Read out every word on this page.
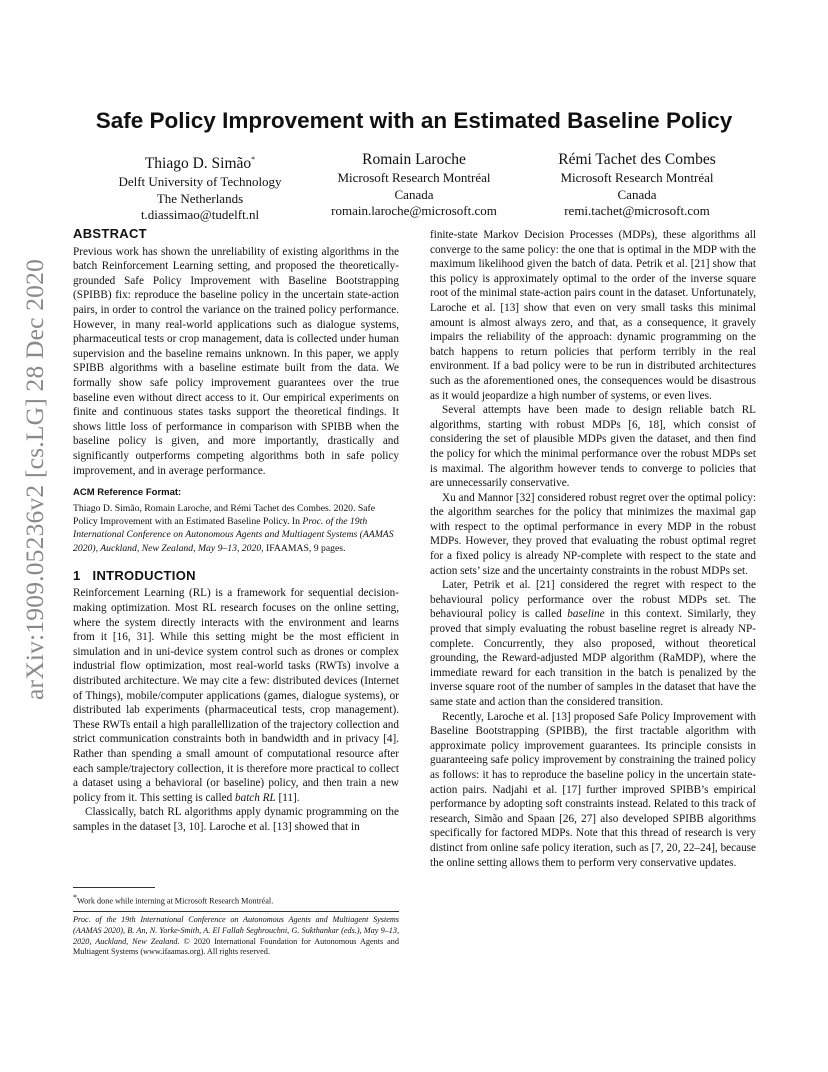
arXiv:1909.05236v2 [cs.LG] 28 Dec 2020
Safe Policy Improvement with an Estimated Baseline Policy
Thiago D. Simão*
Delft University of Technology
The Netherlands
t.diassimao@tudelft.nl
Romain Laroche
Microsoft Research Montréal
Canada
romain.laroche@microsoft.com
Rémi Tachet des Combes
Microsoft Research Montréal
Canada
remi.tachet@microsoft.com
ABSTRACT

Previous work has shown the unreliability of existing algorithms in the batch Reinforcement Learning setting, and proposed the theoretically-grounded Safe Policy Improvement with Baseline Bootstrapping (SPIBB) fix: reproduce the baseline policy in the uncertain state-action pairs, in order to control the variance on the trained policy performance. However, in many real-world applications such as dialogue systems, pharmaceutical tests or crop management, data is collected under human supervision and the baseline remains unknown. In this paper, we apply SPIBB algorithms with a baseline estimate built from the data. We formally show safe policy improvement guarantees over the true baseline even without direct access to it. Our empirical experiments on finite and continuous states tasks support the theoretical findings. It shows little loss of performance in comparison with SPIBB when the baseline policy is given, and more importantly, drastically and significantly outperforms competing algorithms both in safe policy improvement, and in average performance.

ACM Reference Format:

Thiago D. Simão, Romain Laroche, and Rémi Tachet des Combes. 2020. Safe Policy Improvement with an Estimated Baseline Policy. In Proc. of the 19th International Conference on Autonomous Agents and Multiagent Systems (AAMAS 2020), Auckland, New Zealand, May 9–13, 2020, IFAAMAS, 9 pages.

1 INTRODUCTION

Reinforcement Learning (RL) is a framework for sequential decision-making optimization. Most RL research focuses on the online setting, where the system directly interacts with the environment and learns from it [16, 31]. While this setting might be the most efficient in simulation and in uni-device system control such as drones or complex industrial flow optimization, most real-world tasks (RWTs) involve a distributed architecture. We may cite a few: distributed devices (Internet of Things), mobile/computer applications (games, dialogue systems), or distributed lab experiments (pharmaceutical tests, crop management). These RWTs entail a high parallellization of the trajectory collection and strict communication constraints both in bandwidth and in privacy [4]. Rather than spending a small amount of computational resource after each sample/trajectory collection, it is therefore more practical to collect a dataset using a behavioral (or baseline) policy, and then train a new policy from it. This setting is called batch RL [11].

Classically, batch RL algorithms apply dynamic programming on the samples in the dataset [3, 10]. Laroche et al. [13] showed that in

*Work done while interning at Microsoft Research Montréal.
Proc. of the 19th International Conference on Autonomous Agents and Multiagent Systems (AAMAS 2020), B. An, N. Yorke-Smith, A. El Fallah Seghrouchni, G. Sukthankar (eds.), May 9–13, 2020, Auckland, New Zealand. © 2020 International Foundation for Autonomous Agents and Multiagent Systems (www.ifaamas.org). All rights reserved.

finite-state Markov Decision Processes (MDPs), these algorithms all converge to the same policy: the one that is optimal in the MDP with the maximum likelihood given the batch of data. Petrik et al. [21] show that this policy is approximately optimal to the order of the inverse square root of the minimal state-action pairs count in the dataset. Unfortunately, Laroche et al. [13] show that even on very small tasks this minimal amount is almost always zero, and that, as a consequence, it gravely impairs the reliability of the approach: dynamic programming on the batch happens to return policies that perform terribly in the real environment. If a bad policy were to be run in distributed architectures such as the aforementioned ones, the consequences would be disastrous as it would jeopardize a high number of systems, or even lives.

Several attempts have been made to design reliable batch RL algorithms, starting with robust MDPs [6, 18], which consist of considering the set of plausible MDPs given the dataset, and then find the policy for which the minimal performance over the robust MDPs set is maximal. The algorithm however tends to converge to policies that are unnecessarily conservative.

Xu and Mannor [32] considered robust regret over the optimal policy: the algorithm searches for the policy that minimizes the maximal gap with respect to the optimal performance in every MDP in the robust MDPs. However, they proved that evaluating the robust optimal regret for a fixed policy is already NP-complete with respect to the state and action sets’ size and the uncertainty constraints in the robust MDPs set.

Later, Petrik et al. [21] considered the regret with respect to the behavioural policy performance over the robust MDPs set. The behavioural policy is called baseline in this context. Similarly, they proved that simply evaluating the robust baseline regret is already NP-complete. Concurrently, they also proposed, without theoretical grounding, the Reward-adjusted MDP algorithm (RaMDP), where the immediate reward for each transition in the batch is penalized by the inverse square root of the number of samples in the dataset that have the same state and action than the considered transition.

Recently, Laroche et al. [13] proposed Safe Policy Improvement with Baseline Bootstrapping (SPIBB), the first tractable algorithm with approximate policy improvement guarantees. Its principle consists in guaranteeing safe policy improvement by constraining the trained policy as follows: it has to reproduce the baseline policy in the uncertain state-action pairs. Nadjahi et al. [17] further improved SPIBB’s empirical performance by adopting soft constraints instead. Related to this track of research, Simão and Spaan [26, 27] also developed SPIBB algorithms specifically for factored MDPs. Note that this thread of research is very distinct from online safe policy iteration, such as [7, 20, 22–24], because the online setting allows them to perform very conservative updates.
